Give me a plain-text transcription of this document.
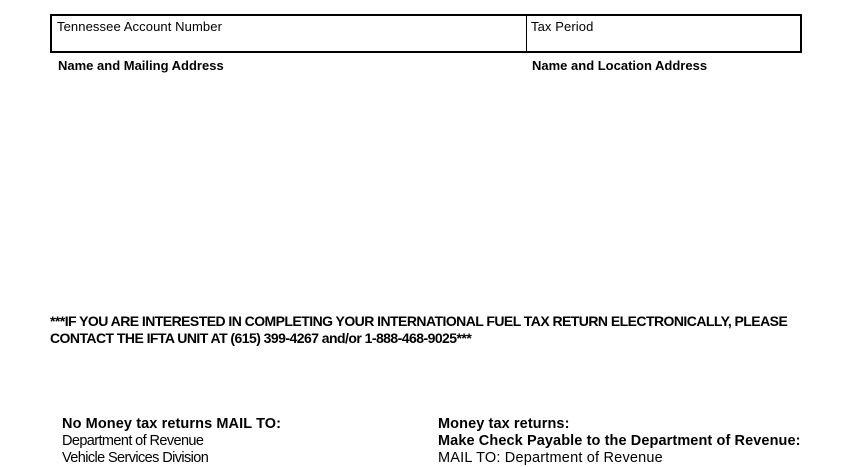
Tennessee Account Number	Tax Period
Name and Mailing Address	Name and Location Address
***IF YOU ARE INTERESTED IN COMPLETING YOUR INTERNATIONAL FUEL TAX RETURN ELECTRONICALLY, PLEASE
CONTACT THE IFTA UNIT AT (615) 399-4267 and/or 1-888-468-9025***
No Money tax returns MAIL TO:
Department of Revenue
Vehicle Services Division
Money tax returns:
Make Check Payable to the Department of Revenue:
MAIL TO: Department of Revenue
